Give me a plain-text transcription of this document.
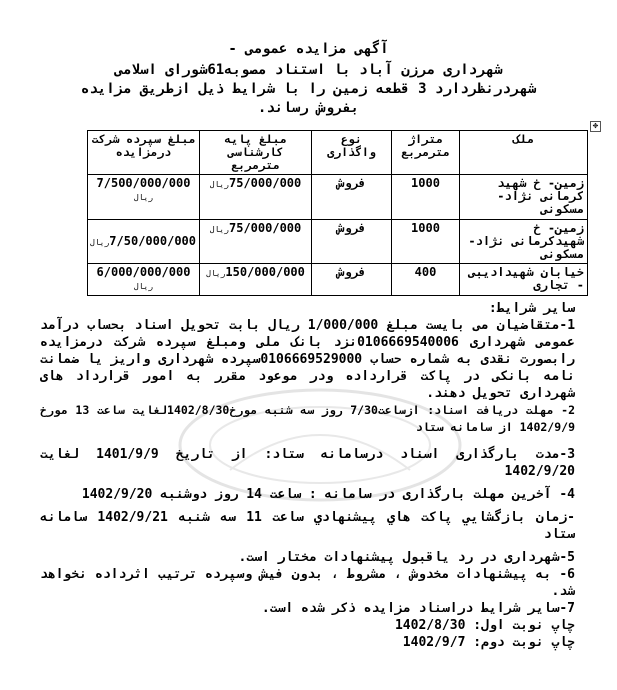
آگهی مزایده عمومی -
شهرداری مرزن آباد با استناد مصوبه61شورای اسلامی
شهردرنظردارد 3 قطعه زمین را با شرایط ذیل ازطریق مزایده
بفروش رساند.
✥
ملک	متراژ مترمربع	نوع واگذاری	مبلغ پایه کارشناسی مترمربع	مبلغ سپرده شرکت درمزایده
زمین- خ شهید کرمانی نژاد- مسکونی	1000	فروش	75/000/000ریال	7/500/000/000
ریال
زمین- خ شهیدکرمانی نژاد- مسکونی	1000	فروش	75/000/000ریال	7/50/000/000ریال
خیابان شهیدادیبی - تجاری	400	فروش	150/000/000ریال	6/000/000/000
ریال

سایر شرایط:

1-متقاضیان می بایست مبلغ 1/000/000 ریال بابت تحویل اسناد بحساب درآمد عمومی شهرداری 0106669540006نزد بانک ملی ومبلغ سپرده شرکت درمزایده رابصورت نقدی به شماره حساب 0106669529000سپرده شهرداری واریز یا ضمانت نامه بانکی در پاکت قرارداده ودر موعود مقرر به امور قرارداد های شهرداری تحویل دهند.

2- مهلت دریافت اسناد: ازساعت7/30 روز سه شنبه مورخ1402/8/30لغایت ساعت 13 مورخ 1402/9/9 از سامانه ستاد

3-مدت بارگذاری اسناد درسامانه ستاد: از تاریخ 1401/9/9 لغایت 1402/9/20

4- آخرین مهلت بارگذاری در سامانه : ساعت 14 روز دوشنبه 1402/9/20

-زمان بازگشايي پاكت هاي پيشنهادي ساعت 11 سه شنبه 1402/9/21 سامانه ستاد

5-شهرداری در رد یاقبول پیشنهادات مختار است.

6- به پیشنهادات مخدوش ، مشروط ، بدون فیش وسپرده ترتیب اثرداده نخواهد شد.

7-سایر شرایط دراسناد مزایده ذکر شده است.

چاپ نوبت اول: 1402/8/30

چاپ نوبت دوم: 1402/9/7
